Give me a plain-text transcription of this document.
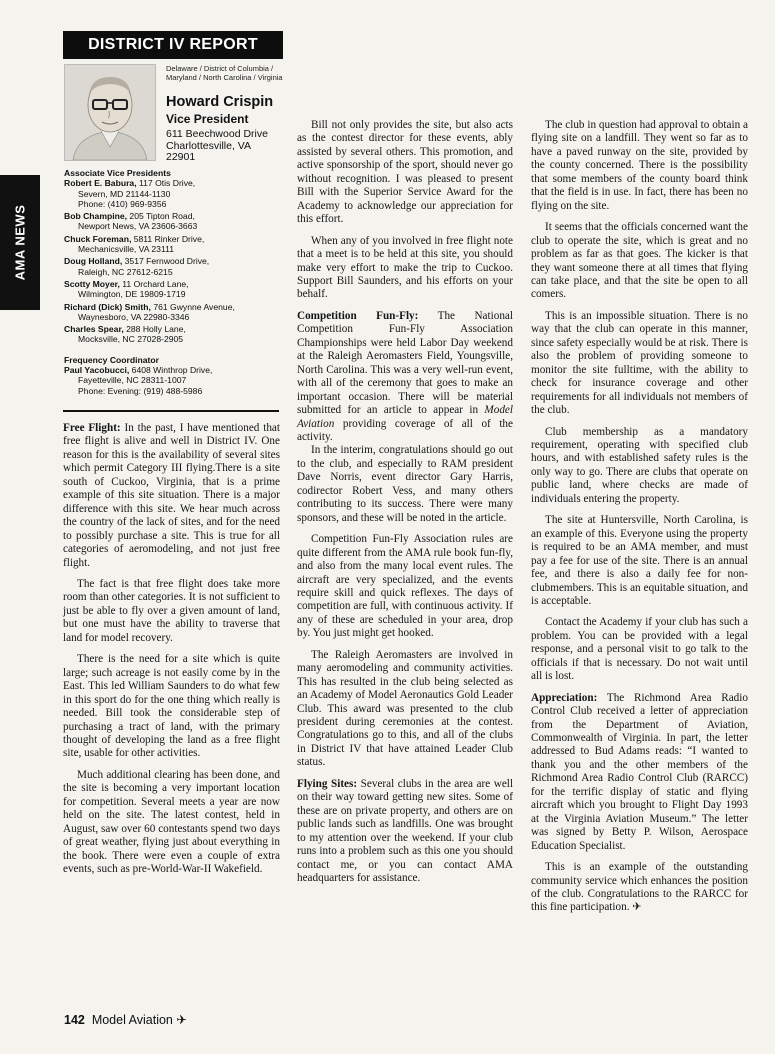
AMA NEWS
DISTRICT IV REPORT
Delaware / District of Columbia / Maryland / North Carolina / Virginia
Howard Crispin
Vice President
611 Beechwood Drive
Charlottesville, VA
22901
Associate Vice Presidents
Robert E. Babura, 117 Otis Drive,
Severn, MD 21144-1130
Phone: (410) 969-9356
Bob Champine, 205 Tipton Road,
Newport News, VA 23606-3663
Chuck Foreman, 5811 Rinker Drive,
Mechanicsville, VA 23111
Doug Holland, 3517 Fernwood Drive,
Raleigh, NC 27612-6215
Scotty Moyer, 11 Orchard Lane,
Wilmington, DE 19809-1719
Richard (Dick) Smith, 761 Gwynne Avenue,
Waynesboro, VA 22980-3346
Charles Spear, 288 Holly Lane,
Mocksville, NC 27028-2905
Frequency Coordinator
Paul Yacobucci, 6408 Winthrop Drive,
Fayetteville, NC 28311-1007
Phone: Evening: (919) 488-5986

Free Flight: In the past, I have mentioned that free flight is alive and well in District IV. One reason for this is the availability of several sites which permit Category III flying.There is a site south of Cuckoo, Virginia, that is a prime example of this site situation. There is a major difference with this site. We hear much across the country of the lack of sites, and for the need to possibly purchase a site. This is true for all categories of aeromodeling, and not just free flight.

The fact is that free flight does take more room than other categories. It is not sufficient to just be able to fly over a given amount of land, but one must have the ability to traverse that land for model recovery.

There is the need for a site which is quite large; such acreage is not easily come by in the East. This led William Saunders to do what few in this sport do for the one thing which really is needed. Bill took the considerable step of purchasing a tract of land, with the primary thought of developing the land as a free flight site, usable for other activities.

Much additional clearing has been done, and the site is becoming a very important location for competition. Several meets a year are now held on the site. The latest contest, held in August, saw over 60 contestants spend two days of great weather, flying just about everything in the book. There were even a couple of extra events, such as pre-World-War-II Wakefield.

Bill not only provides the site, but also acts as the contest director for these events, ably assisted by several others. This promotion, and active sponsorship of the sport, should never go without recognition. I was pleased to present Bill with the Superior Service Award for the Academy to acknowledge our appreciation for this effort.

When any of you involved in free flight note that a meet is to be held at this site, you should make very effort to make the trip to Cuckoo. Support Bill Saunders, and his efforts on your behalf.

Competition Fun-Fly: The National Competition Fun-Fly Association Championships were held Labor Day weekend at the Raleigh Aeromasters Field, Youngsville, North Carolina. This was a very well-run event, with all of the ceremony that goes to make an important occasion. There will be material submitted for an article to appear in Model Aviation providing coverage of all of the activity.

In the interim, congratulations should go out to the club, and especially to RAM president Dave Norris, event director Gary Harris, codirector Robert Vess, and many others contributing to its success. There were many sponsors, and these will be noted in the article.

Competition Fun-Fly Association rules are quite different from the AMA rule book fun-fly, and also from the many local event rules. The aircraft are very specialized, and the events require skill and quick reflexes. The days of competition are full, with continuous activity. If any of these are scheduled in your area, drop by. You just might get hooked.

The Raleigh Aeromasters are involved in many aeromodeling and community activities. This has resulted in the club being selected as an Academy of Model Aeronautics Gold Leader Club. This award was presented to the club president during ceremonies at the contest. Congratulations go to this, and all of the clubs in District IV that have attained Leader Club status.

Flying Sites: Several clubs in the area are well on their way toward getting new sites. Some of these are on private property, and others are on public lands such as landfills. One was brought to my attention over the weekend. If your club runs into a problem such as this one you should contact me, or you can contact AMA headquarters for assistance.

The club in question had approval to obtain a flying site on a landfill. They went so far as to have a paved runway on the site, provided by the county concerned. There is the possibility that some members of the county board think that the field is in use. In fact, there has been no flying on the site.

It seems that the officials concerned want the club to operate the site, which is great and no problem as far as that goes. The kicker is that they want someone there at all times that flying can take place, and that the site be open to all comers.

This is an impossible situation. There is no way that the club can operate in this manner, since safety especially would be at risk. There is also the problem of providing someone to monitor the site fulltime, with the ability to check for insurance coverage and other requirements for all individuals not members of the club.

Club membership as a mandatory requirement, operating with specified club hours, and with established safety rules is the only way to go. There are clubs that operate on public land, where checks are made of individuals entering the property.

The site at Huntersville, North Carolina, is an example of this. Everyone using the property is required to be an AMA member, and must pay a fee for use of the site. There is an annual fee, and there is also a daily fee for non-clubmembers. This is an equitable situation, and is acceptable.

Contact the Academy if your club has such a problem. You can be provided with a legal response, and a personal visit to go talk to the officials if that is necessary. Do not wait until all is lost.

Appreciation: The Richmond Area Radio Control Club received a letter of appreciation from the Department of Aviation, Commonwealth of Virginia. In part, the letter addressed to Bud Adams reads: “I wanted to thank you and the other members of the Richmond Area Radio Control Club (RARCC) for the terrific display of static and flying aircraft which you brought to Flight Day 1993 at the Virginia Aviation Museum.” The letter was signed by Betty P. Wilson, Aerospace Education Specialist.

This is an example of the outstanding community service which enhances the position of the club. Congratulations to the RARCC for this fine participation. ✈

142 Model Aviation ✈
